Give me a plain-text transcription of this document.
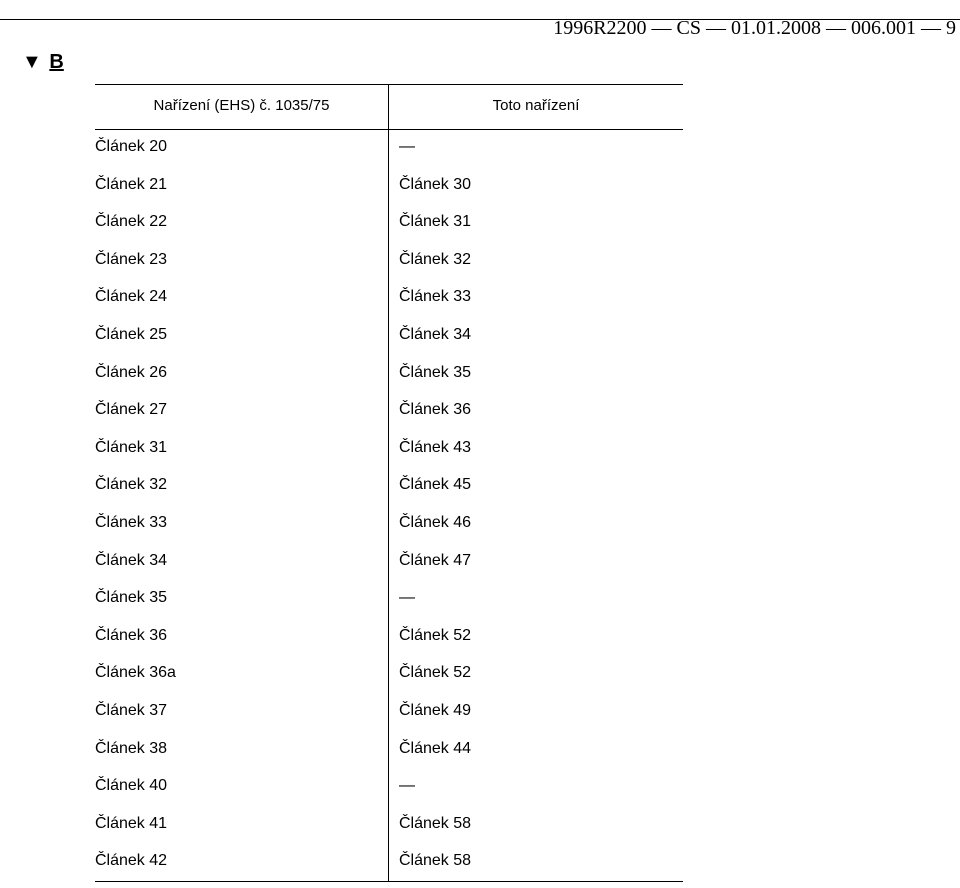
1996R2200 — CS — 01.01.2008 — 006.001 — 9
▼ B
Nařízení (EHS) č. 1035/75	Toto nařízení
Článek 20	—
Článek 21	Článek 30
Článek 22	Článek 31
Článek 23	Článek 32
Článek 24	Článek 33
Článek 25	Článek 34
Článek 26	Článek 35
Článek 27	Článek 36
Článek 31	Článek 43
Článek 32	Článek 45
Článek 33	Článek 46
Článek 34	Článek 47
Článek 35	—
Článek 36	Článek 52
Článek 36a	Článek 52
Článek 37	Článek 49
Článek 38	Článek 44
Článek 40	—
Článek 41	Článek 58
Článek 42	Článek 58
